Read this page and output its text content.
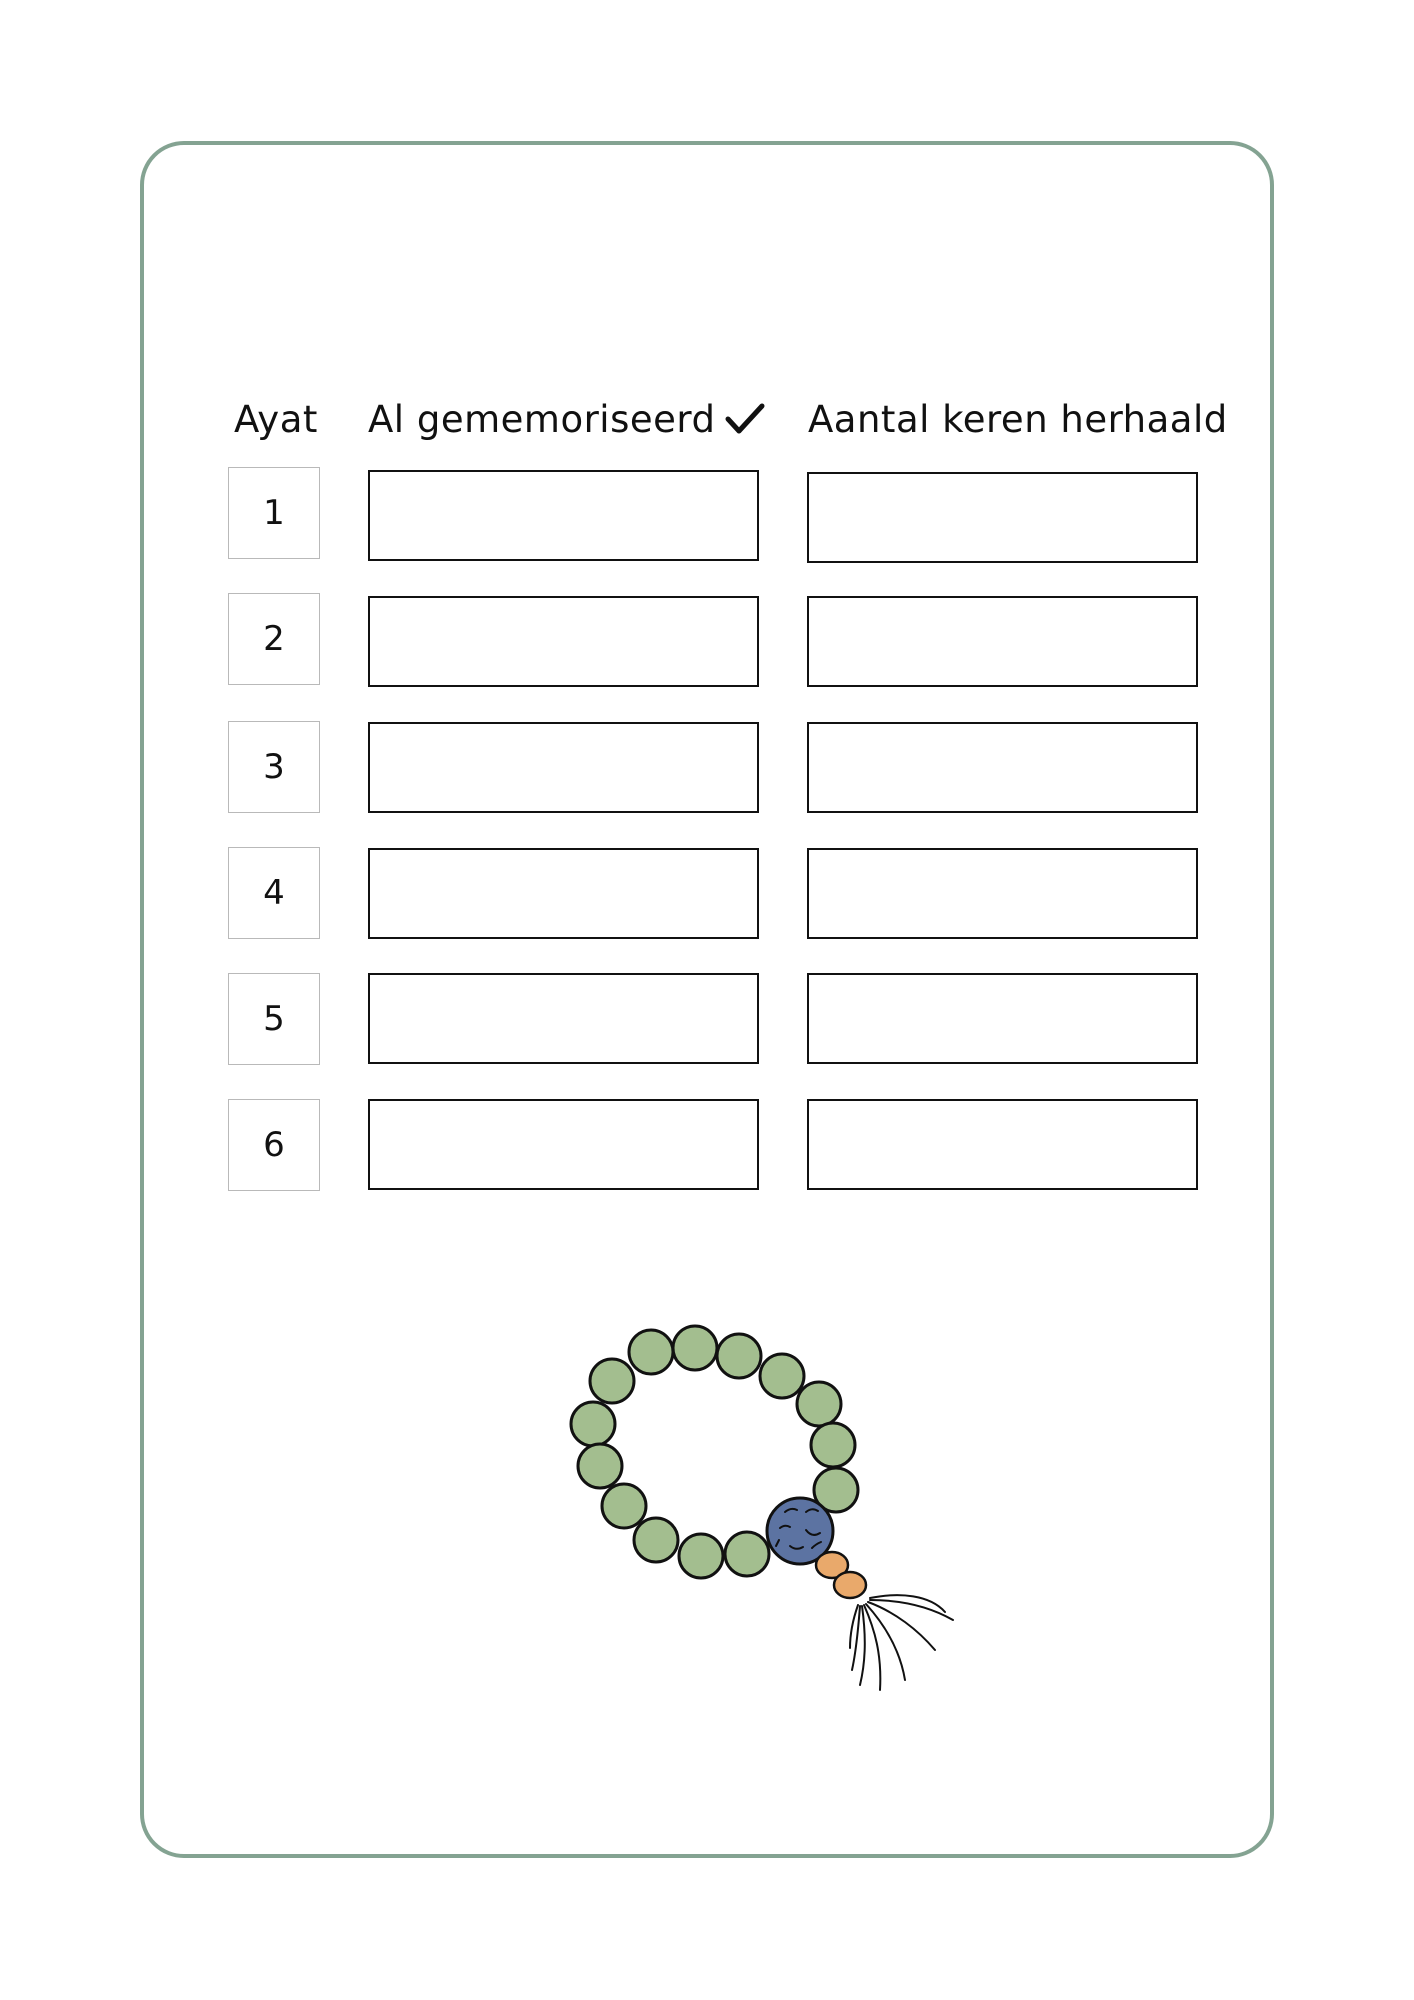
Ayat Al gememoriseerd	Aantal keren herhaald
1
2
3
4
5
6
